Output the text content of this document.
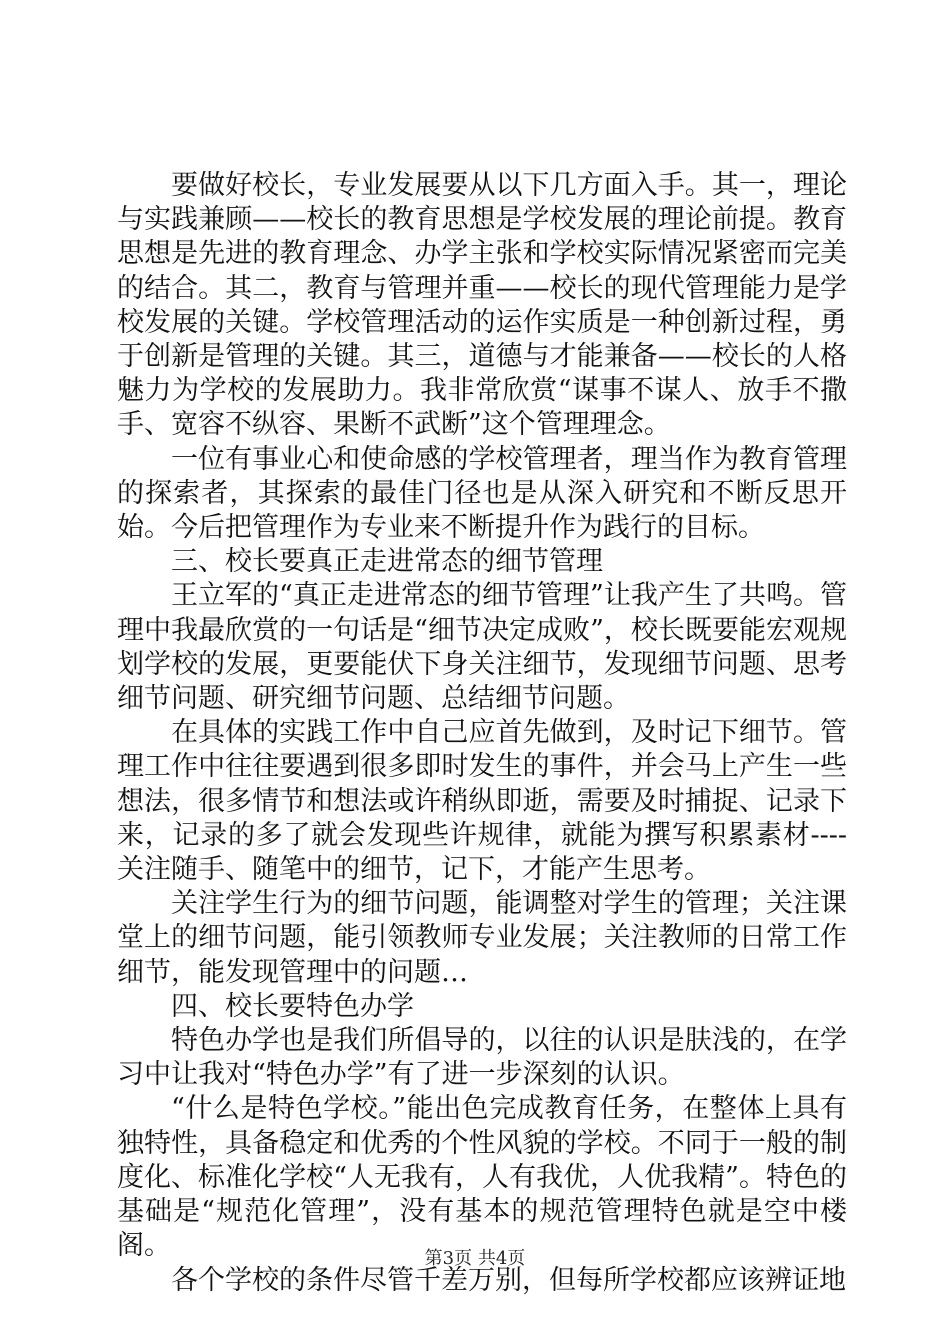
要做好校长，专业发展要从以下几方面入手。其一，理论与实践兼顾——校长的教育思想是学校发展的理论前提。教育思想是先进的教育理念、办学主张和学校实际情况紧密而完美的结合。其二，教育与管理并重——校长的现代管理能力是学校发展的关键。学校管理活动的运作实质是一种创新过程，勇于创新是管理的关键。其三，道德与才能兼备——校长的人格魅力为学校的发展助力。我非常欣赏“谋事不谋人、放手不撒手、宽容不纵容、果断不武断”这个管理理念。

一位有事业心和使命感的学校管理者，理当作为教育管理的探索者，其探索的最佳门径也是从深入研究和不断反思开始。今后把管理作为专业来不断提升作为践行的目标。

三、校长要真正走进常态的细节管理

王立军的“真正走进常态的细节管理”让我产生了共鸣。管理中我最欣赏的一句话是“细节决定成败”，校长既要能宏观规划学校的发展，更要能伏下身关注细节，发现细节问题、思考细节问题、研究细节问题、总结细节问题。

在具体的实践工作中自己应首先做到，及时记下细节。管理工作中往往要遇到很多即时发生的事件，并会马上产生一些想法，很多情节和想法或许稍纵即逝，需要及时捕捉、记录下来，记录的多了就会发现些许规律，就能为撰写积累素材----关注随手、随笔中的细节，记下，才能产生思考。

关注学生行为的细节问题，能调整对学生的管理；关注课堂上的细节问题，能引领教师专业发展；关注教师的日常工作细节，能发现管理中的问题…

四、校长要特色办学

特色办学也是我们所倡导的，以往的认识是肤浅的，在学习中让我对“特色办学”有了进一步深刻的认识。

“什么是特色学校。”能出色完成教育任务，在整体上具有独特性，具备稳定和优秀的个性风貌的学校。不同于一般的制度化、标准化学校“人无我有，人有我优，人优我精”。特色的基础是“规范化管理”，没有基本的规范管理特色就是空中楼阁。

各个学校的条件尽管千差万别，但每所学校都应该辨证地

第3页 共4页
